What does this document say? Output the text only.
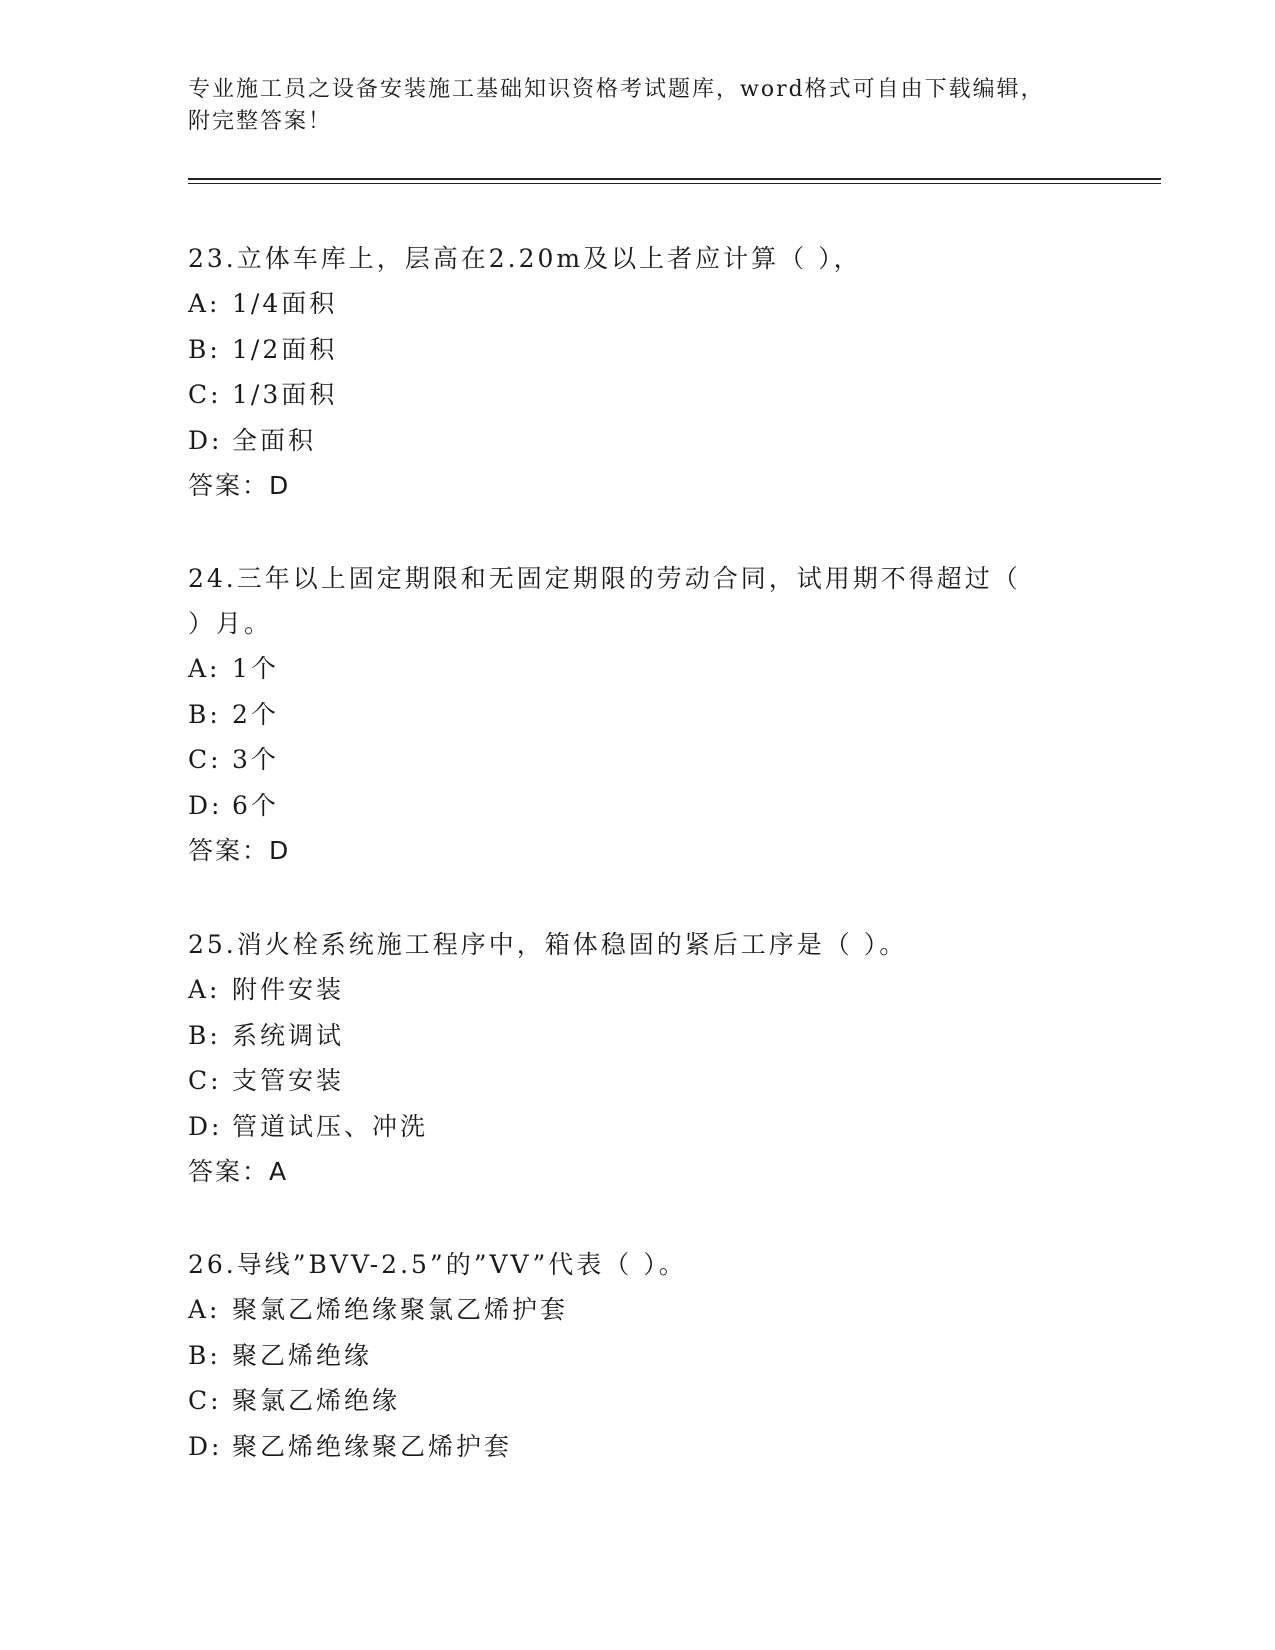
专业施工员之设备安装施工基础知识资格考试题库，word格式可自由下载编辑，
附完整答案！

23.立体车库上，层高在2.20m及以上者应计算（ ），

A: 1/4面积

B: 1/2面积

C: 1/3面积

D: 全面积

答案：D

24.三年以上固定期限和无固定期限的劳动合同，试用期不得超过（

）月。

A: 1个

B: 2个

C: 3个

D: 6个

答案：D

25.消火栓系统施工程序中，箱体稳固的紧后工序是（ ）。

A: 附件安装

B: 系统调试

C: 支管安装

D: 管道试压、冲洗

答案：A

26.导线”BVV-2.5”的”VV”代表（ ）。

A: 聚氯乙烯绝缘聚氯乙烯护套

B: 聚乙烯绝缘

C: 聚氯乙烯绝缘

D: 聚乙烯绝缘聚乙烯护套
